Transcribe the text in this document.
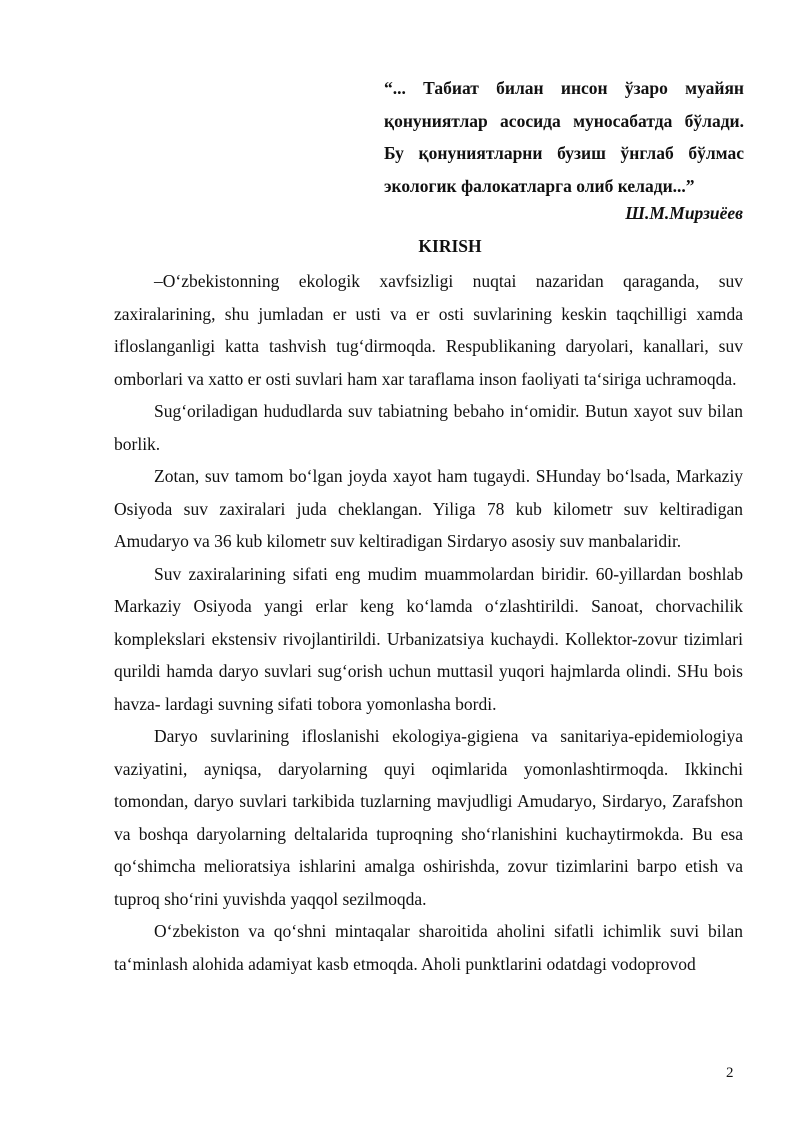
“... Табиат билан инсон ўзаро муайян
қонуниятлар асосида муносабатда бўлади.
Бу қонуниятларни бузиш ўнглаб бўлмас
экологик фалокатларга олиб келади...”
Ш.М.Мирзиёев
KIRISH

–O‘zbekistonning ekologik xavfsizligi nuqtai nazaridan qaraganda, suv zaxiralarining, shu jumladan er usti va er osti suvlarining keskin taqchilligi xamda ifloslanganligi katta tashvish tug‘dirmoqda. Respublikaning daryolari, kanallari, suv omborlari va xatto er osti suvlari ham xar taraflama inson faoliyati ta‘siriga uchramoqda.

Sug‘oriladigan hududlarda suv tabiatning bebaho in‘omidir. Butun xayot suv bilan borlik.

Zotan, suv tamom bo‘lgan joyda xayot ham tugaydi. SHunday bo‘lsada, Markaziy Osiyoda suv zaxiralari juda cheklangan. Yiliga 78 kub kilometr suv keltiradigan Amudaryo va 36 kub kilometr suv keltiradigan Sirdaryo asosiy suv manbalaridir.

Suv zaxiralarining sifati eng mudim muammolardan biridir. 60-yillardan boshlab Markaziy Osiyoda yangi erlar keng ko‘lamda o‘zlashtirildi. Sanoat, chorvachilik komplekslari ekstensiv rivojlantirildi. Urbanizatsiya kuchaydi. Kollektor-zovur tizimlari qurildi hamda daryo suvlari sug‘orish uchun muttasil yuqori hajmlarda olindi. SHu bois havza- lardagi suvning sifati tobora yomonlasha bordi.

Daryo suvlarining ifloslanishi ekologiya-gigiena va sanitariya-epidemiologiya vaziyatini, ayniqsa, daryolarning quyi oqimlarida yomonlashtirmoqda. Ikkinchi tomondan, daryo suvlari tarkibida tuzlarning mavjudligi Amudaryo, Sirdaryo, Zarafshon va boshqa daryolarning deltalarida tuproqning sho‘rlanishini kuchaytirmokda. Bu esa qo‘shimcha melioratsiya ishlarini amalga oshirishda, zovur tizimlarini barpo etish va tuproq sho‘rini yuvishda yaqqol sezilmoqda.

O‘zbekiston va qo‘shni mintaqalar sharoitida aholini sifatli ichimlik suvi bilan ta‘minlash alohida adamiyat kasb etmoqda. Aholi punktlarini odatdagi vodoprovod

2
